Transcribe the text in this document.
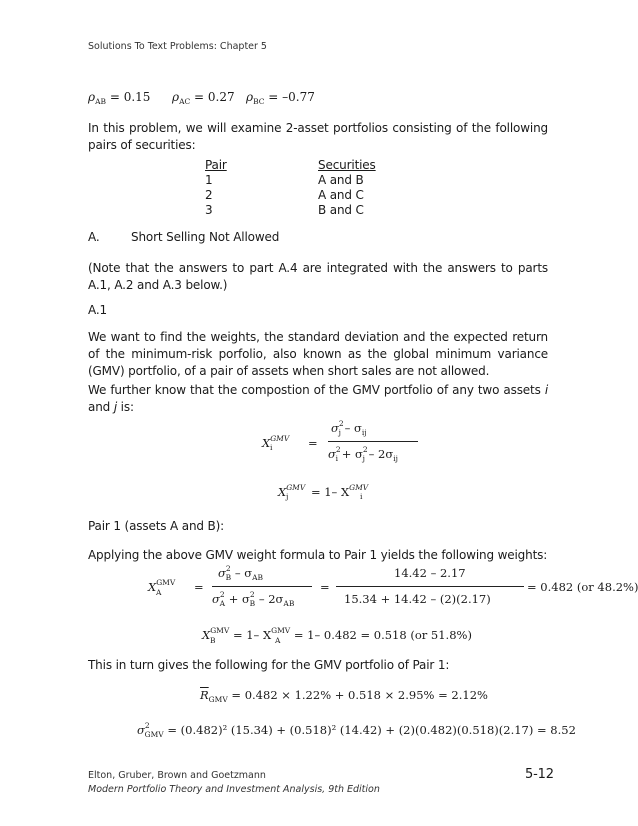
Solutions To Text Problems: Chapter 5
$\rho_{AB} = 0.15$ $\rho_{AC} = 0.27$ $\rho_{BC} = -0.77$
In this problem, we will examine 2-asset portfolios consisting of the following pairs of securities:
Pair	Securities
1	A and B
2	A and C
3	B and C
A.	Short Selling Not Allowed
(Note that the answers to part A.4 are integrated with the answers to parts A.1, A.2 and A.3 below.)
A.1
We want to find the weights, the standard deviation and the expected return of the minimum-risk porfolio, also known as the global minimum variance (GMV) portfolio, of a pair of assets when short sales are not allowed.
We further know that the compostion of the GMV portfolio of any two assets i and j is:
$X^{GMV}$
i	=
$\sigma^2_j - \sigma_{ij}$
$\sigma^2_i + \sigma^2_j - 2\sigma_{ij}$
$X^{GMV} = 1-$ $X^{GMV}$
j	i
Pair 1 (assets A and B):
Applying the above GMV weight formula to Pair 1 yields the following weights:
$X^{GMV}$
A	=
$\sigma^2_B - \sigma_{AB}$
$\sigma^2_A + \sigma^2_B - 2\sigma_{AB}$
=
14.42 – 2.17
15.34 + 14.42 – (2)(2.17)
= 0.482 (or 48.2%)
$X^{GMV} = 1-$ $X^{GMV} = 1-$ 0.482 = 0.518 (or 51.8%)
B	A
This in turn gives the following for the GMV portfolio of Pair 1:
$\overline{R}_{GMV} = 0.482 \times 1.22\% + 0.518 \times 2.95\% = 2.12\%$
$\sigma^2_{GMV} = (0.482)^2$ (15.34) + (0.518)² (14.42) + (2)(0.482)(0.518)(2.17) = 8.52
Elton, Gruber, Brown and Goetzmann
Modern Portfolio Theory and Investment Analysis, 9th Edition
5-12
